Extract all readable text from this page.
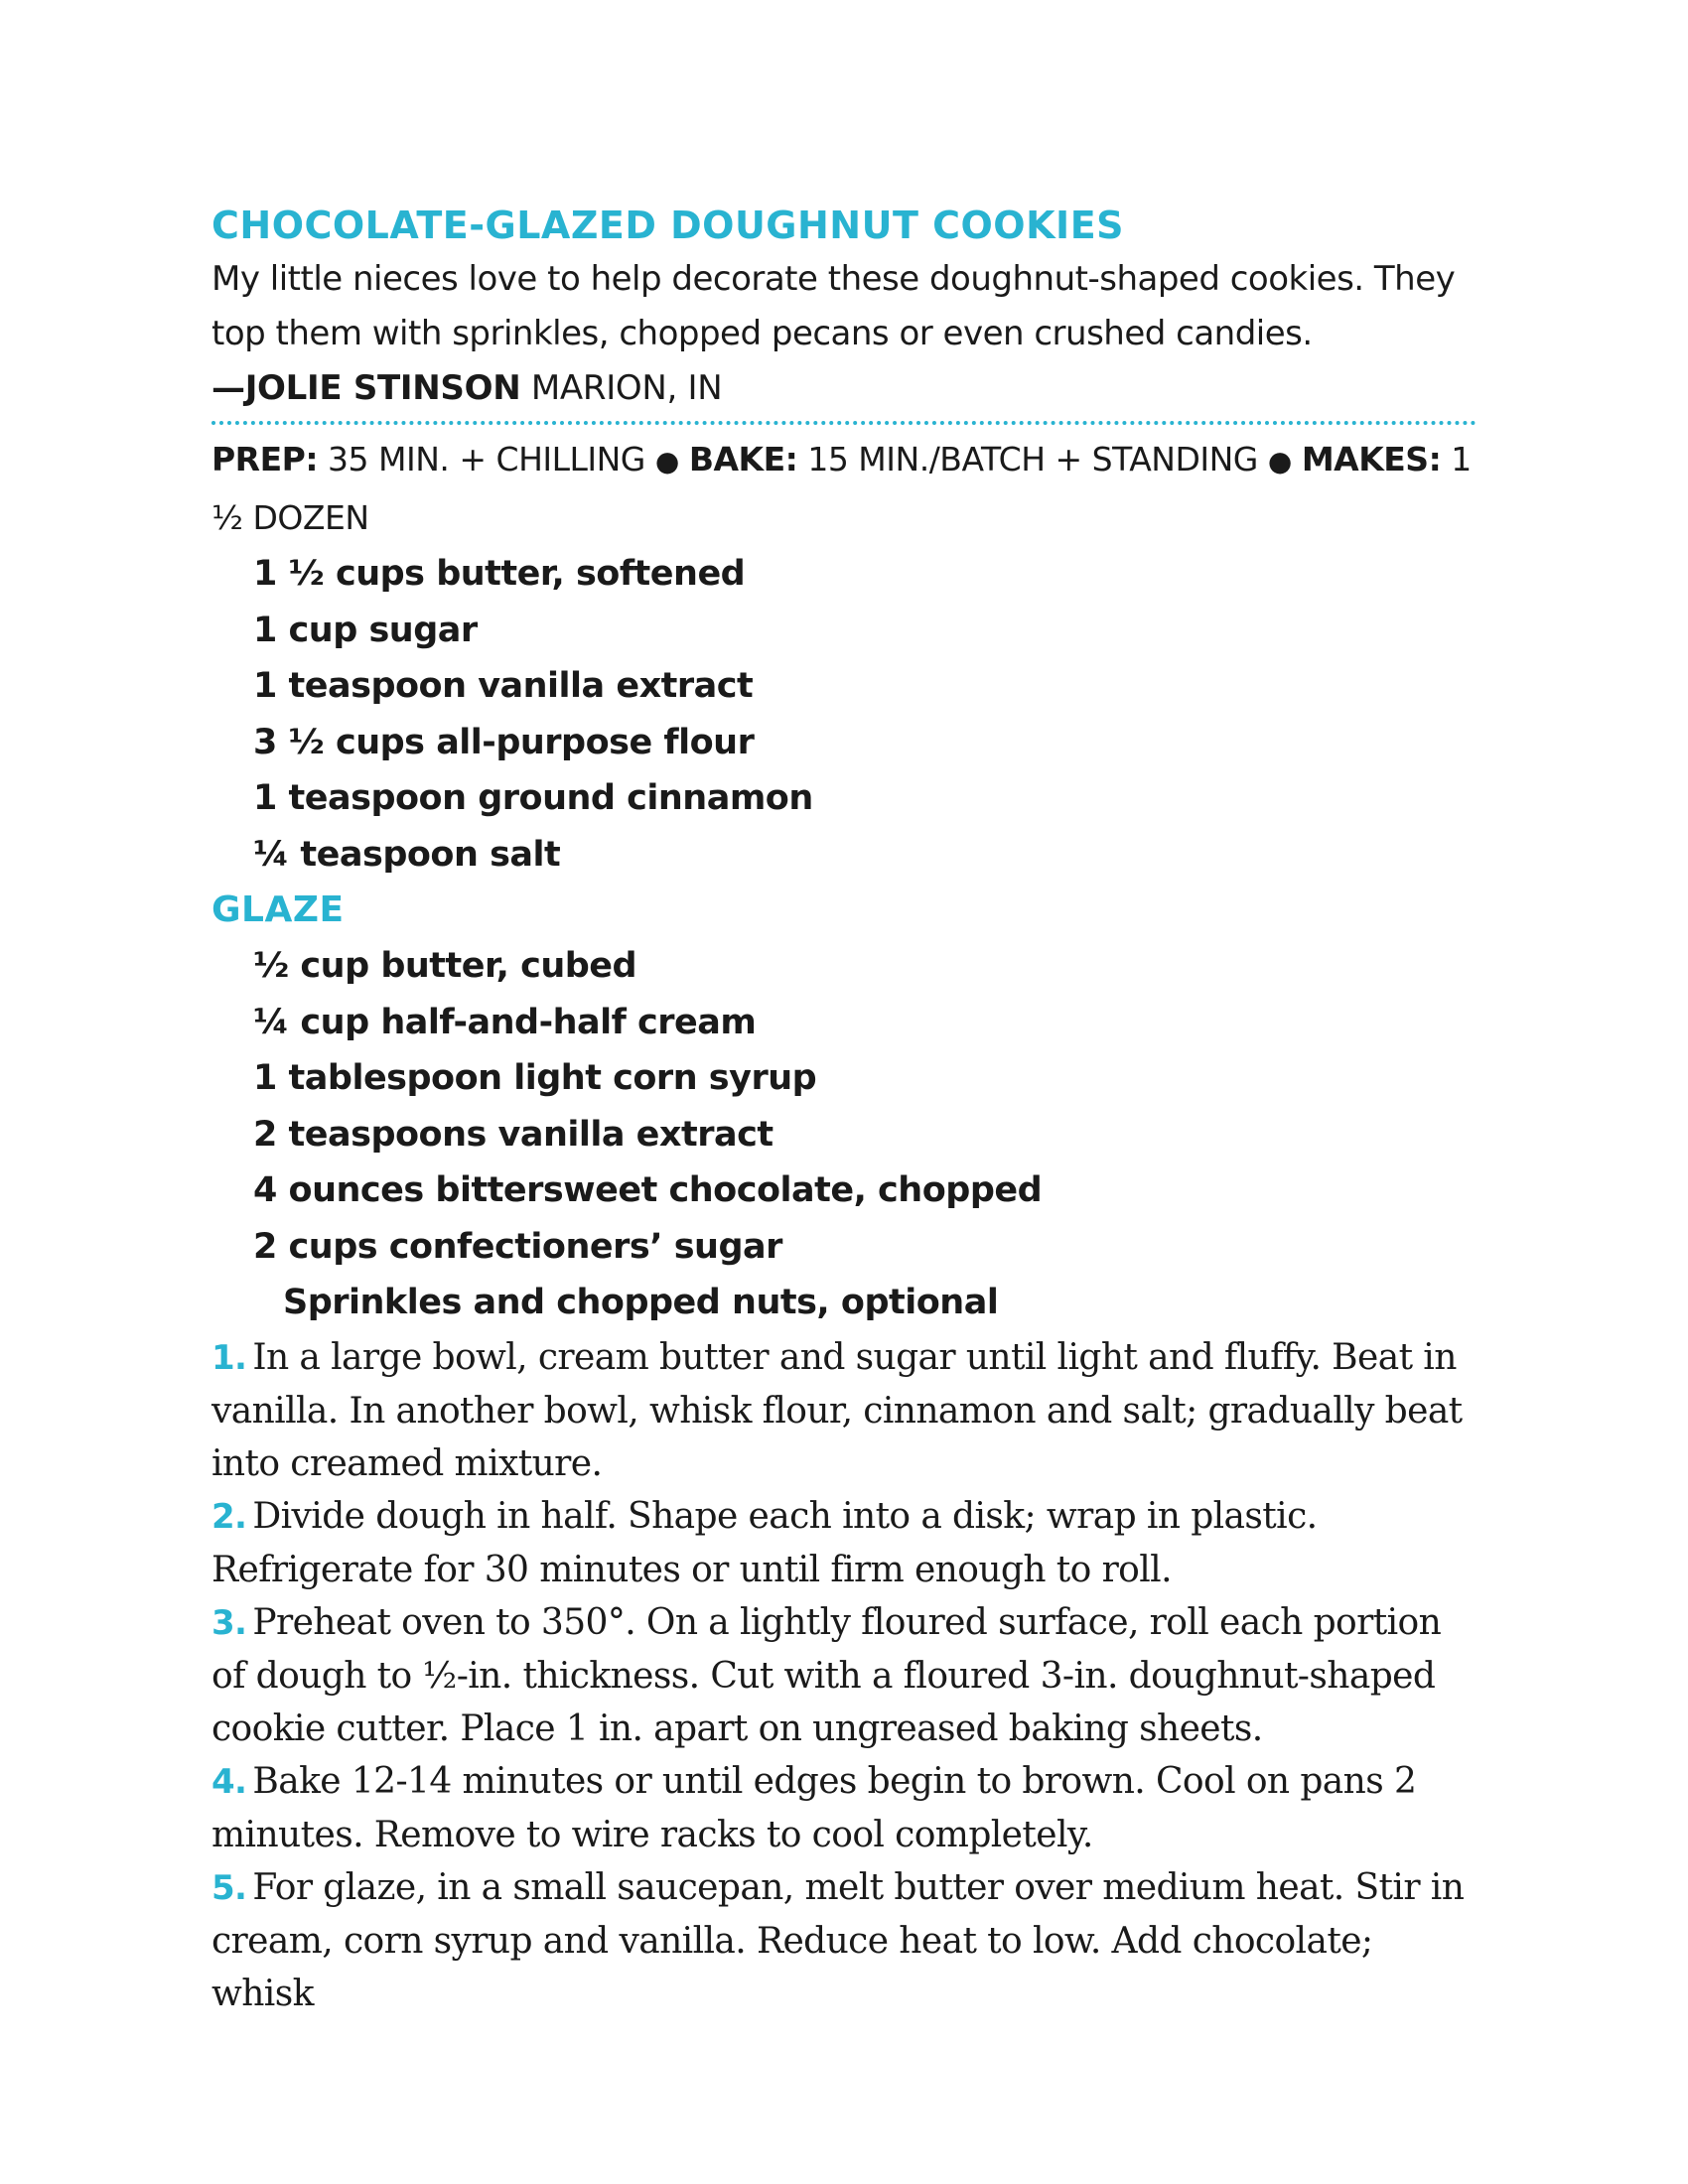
CHOCOLATE-GLAZED DOUGHNUT COOKIES
My little nieces love to help decorate these doughnut-shaped cookies. They top them with sprinkles, chopped pecans or even crushed candies.
—JOLIE STINSON MARION, IN
PREP: 35 MIN. + CHILLING ● BAKE: 15 MIN./BATCH + STANDING ● MAKES: 1 ½ DOZEN
1 ½ cups butter, softened
1 cup sugar
1 teaspoon vanilla extract
3 ½ cups all-purpose flour
1 teaspoon ground cinnamon
¼ teaspoon salt
GLAZE
½ cup butter, cubed
¼ cup half-and-half cream
1 tablespoon light corn syrup
2 teaspoons vanilla extract
4 ounces bittersweet chocolate, chopped
2 cups confectioners’ sugar
Sprinkles and chopped nuts, optional

1. In a large bowl, cream butter and sugar until light and fluffy. Beat in vanilla. In another bowl, whisk flour, cinnamon and salt; gradually beat into creamed mixture.

2. Divide dough in half. Shape each into a disk; wrap in plastic. Refrigerate for 30 minutes or until firm enough to roll.

3. Preheat oven to 350°. On a lightly floured surface, roll each portion of dough to ½-in. thickness. Cut with a floured 3-in. doughnut-shaped cookie cutter. Place 1 in. apart on ungreased baking sheets.

4. Bake 12-14 minutes or until edges begin to brown. Cool on pans 2 minutes. Remove to wire racks to cool completely.

5. For glaze, in a small saucepan, melt butter over medium heat. Stir in cream, corn syrup and vanilla. Reduce heat to low. Add chocolate; whisk
